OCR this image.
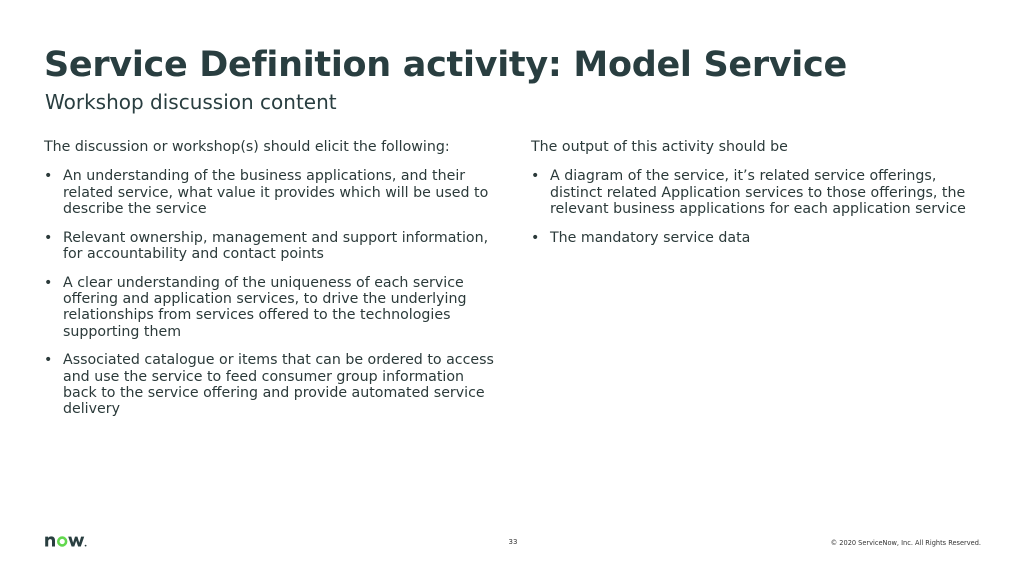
Service Definition activity: Model Service
Workshop discussion content

The discussion or workshop(s) should elicit the following:

• An understanding of the business applications, and their related service, what value it provides which will be used to describe the service
• Relevant ownership, management and support information, for accountability and contact points
• A clear understanding of the uniqueness of each service offering and application services, to drive the underlying relationships from services offered to the technologies supporting them
• Associated catalogue or items that can be ordered to access and use the service to feed consumer group information back to the service offering and provide automated service delivery

The output of this activity should be

• A diagram of the service, it’s related service offerings, distinct related Application services to those offerings, the relevant business applications for each application service
• The mandatory service data
33	© 2020 ServiceNow, Inc. All Rights Reserved.
